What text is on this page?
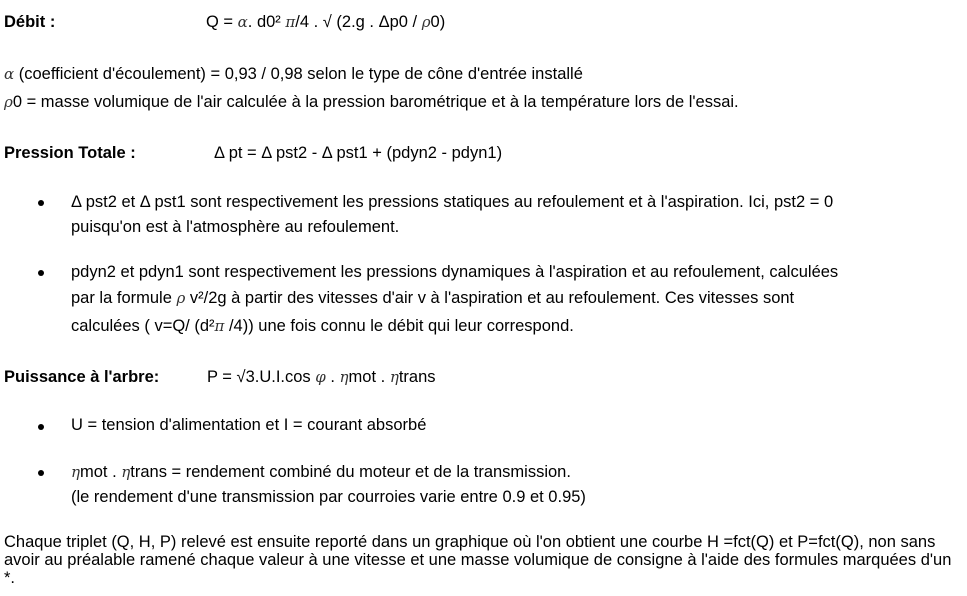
Débit :	Q = α. d0² π/4 . √ (2.g . Δp0 / ρ0)
α (coefficient d'écoulement) = 0,93 / 0,98 selon le type de cône d'entrée installé
ρ0 = masse volumique de l'air calculée à la pression barométrique et à la température lors de l'essai.
Pression Totale :	Δ pt = Δ pst2 - Δ pst1 + (pdyn2 - pdyn1)
Δ pst2 et Δ pst1 sont respectivement les pressions statiques au refoulement et à l'aspiration. Ici, pst2 = 0
puisqu'on est à l'atmosphère au refoulement.
pdyn2 et pdyn1 sont respectivement les pressions dynamiques à l'aspiration et au refoulement, calculées
par la formule ρ v²/2g à partir des vitesses d'air v à l'aspiration et au refoulement. Ces vitesses sont
calculées ( v=Q/ (d²π /4)) une fois connu le débit qui leur correspond.
Puissance à l'arbre:	P = √3.U.I.cos φ . ηmot . ηtrans
U = tension d'alimentation et I = courant absorbé
ηmot . ηtrans = rendement combiné du moteur et de la transmission.
(le rendement d'une transmission par courroies varie entre 0.9 et 0.95)
Chaque triplet (Q, H, P) relevé est ensuite reporté dans un graphique où l'on obtient une courbe H =fct(Q) et P=fct(Q), non sans avoir au préalable ramené chaque valeur à une vitesse et une masse volumique de consigne à l'aide des formules marquées d'un *.
